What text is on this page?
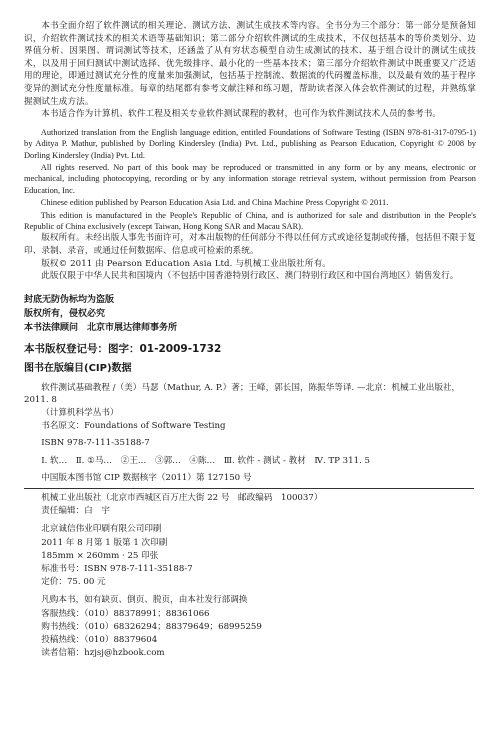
本书全面介绍了软件测试的相关理论、测试方法、测试生成技术等内容。全书分为三个部分：第一部分是预备知识，介绍软件测试技术的相关术语等基础知识；第二部分介绍软件测试的生成技术，不仅包括基本的等价类划分、边界值分析、因果图、谓词测试等技术，还涵盖了从有穷状态模型自动生成测试的技术、基于组合设计的测试生成技术，以及用于回归测试中测试选择、优先级排序、最小化的一些基本技术；第三部分介绍软件测试中既重要又广泛适用的理论，即通过测试充分性的度量来加强测试，包括基于控制流、数据流的代码覆盖标准，以及最有效的基于程序变异的测试充分性度量标准。每章的结尾都有参考文献注释和练习题，帮助读者深入体会软件测试的过程，并熟练掌握测试生成方法。

本书适合作为计算机、软件工程及相关专业软件测试课程的教材，也可作为软件测试技术人员的参考书。

Authorized translation from the English language edition, entitled Foundations of Software Testing (ISBN 978-81-317-0795-1) by Aditya P. Mathur, published by Dorling Kindersley (India) Pvt. Ltd., publishing as Pearson Education, Copyright © 2008 by Dorling Kindersley (India) Pvt. Ltd.

All rights reserved. No part of this book may be reproduced or transmitted in any form or by any means, electronic or mechanical, including photocopying, recording or by any information storage retrieval system, without permission from Pearson Education, Inc.

Chinese edition published by Pearson Education Asia Ltd. and China Machine Press Copyright © 2011.

This edition is manufactured in the People's Republic of China, and is authorized for sale and distribution in the People's Republic of China exclusively (except Taiwan, Hong Kong SAR and Macau SAR).

版权所有。未经出版人事先书面许可，对本出版物的任何部分不得以任何方式或途径复制或传播，包括但不限于复印、录制、录音，或通过任何数据库、信息或可检索的系统。

版权© 2011 由 Pearson Education Asia Ltd. 与机械工业出版社所有。

此版仅限于中华人民共和国境内（不包括中国香港特别行政区、澳门特别行政区和中国台湾地区）销售发行。

封底无防伪标均为盗版

版权所有，侵权必究

本书法律顾问　北京市展达律师事务所

本书版权登记号：图字：01-2009-1732

图书在版编目(CIP)数据

软件测试基础教程 /（美）马瑟（Mathur, A. P.）著；王峰，郭长国，陈振华等译. —北京：机械工业出版社，2011. 8

（计算机科学丛书）

书名原文：Foundations of Software Testing

ISBN 978-7-111-35188-7

Ⅰ. 软…　Ⅱ. ①马…　②王…　③郭…　④陈…　Ⅲ. 软件 - 测试 - 教材　Ⅳ. TP 311. 5

中国版本图书馆 CIP 数据核字（2011）第 127150 号

机械工业出版社（北京市西城区百万庄大街 22 号　邮政编码　100037）

责任编辑：白　宇

北京诚信伟业印刷有限公司印刷

2011 年 8 月第 1 版第 1 次印刷

185mm × 260mm · 25 印张

标准书号：ISBN 978-7-111-35188-7

定价：75. 00 元

凡购本书，如有缺页、倒页、脱页，由本社发行部调换

客服热线：（010）88378991；88361066

购书热线：（010）68326294；88379649；68995259

投稿热线：（010）88379604

读者信箱：hzjsj@hzbook.com
